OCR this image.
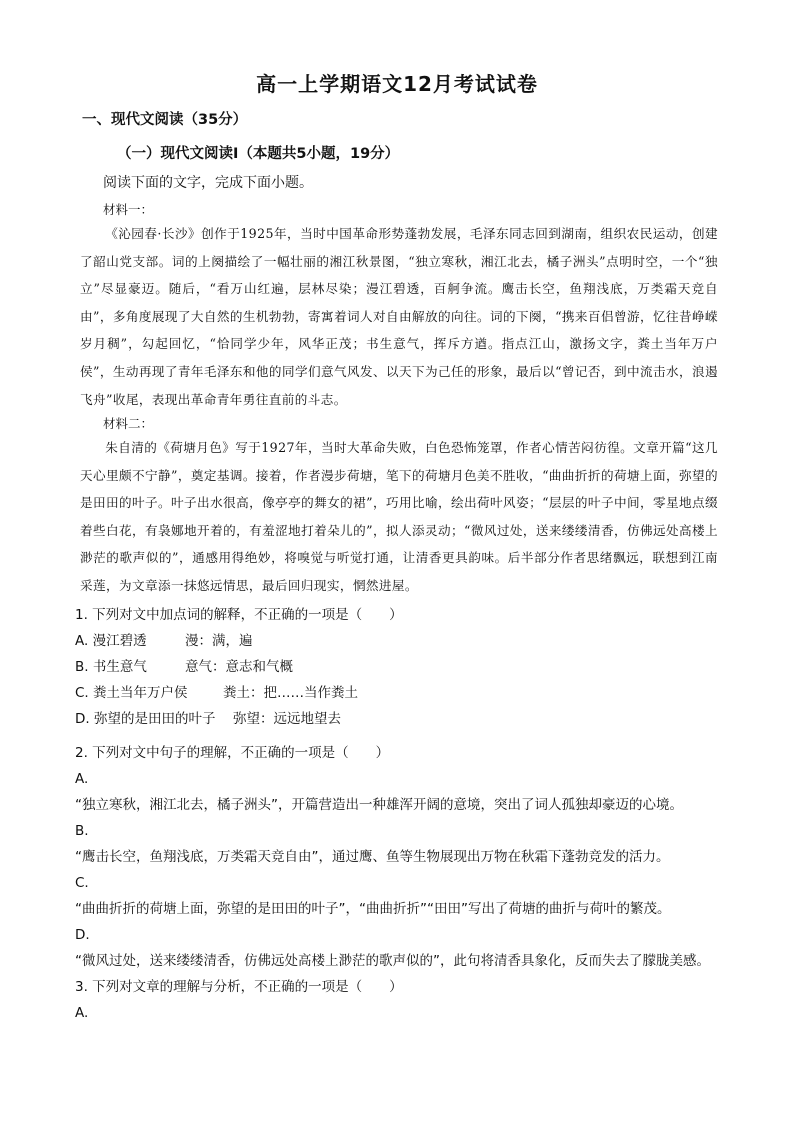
高一上学期语文12月考试试卷
一、现代文阅读（35分）
（一）现代文阅读Ⅰ（本题共5小题，19分）
阅读下面的文字，完成下面小题。
材料一：

《沁园春·长沙》创作于1925年，当时中国革命形势蓬勃发展，毛泽东同志回到湖南，组织农民运动，创建了韶山党支部。词的上阕描绘了一幅壮丽的湘江秋景图，“独立寒秋，湘江北去，橘子洲头”点明时空，一个“独立”尽显豪迈。随后，“看万山红遍，层林尽染；漫江碧透，百舸争流。鹰击长空，鱼翔浅底，万类霜天竞自由”，多角度展现了大自然的生机勃勃，寄寓着词人对自由解放的向往。词的下阕，“携来百侣曾游，忆往昔峥嵘岁月稠”，勾起回忆，“恰同学少年，风华正茂；书生意气，挥斥方遒。指点江山，激扬文字，粪土当年万户侯”，生动再现了青年毛泽东和他的同学们意气风发、以天下为己任的形象，最后以“曾记否，到中流击水，浪遏飞舟”收尾，表现出革命青年勇往直前的斗志。

材料二：

朱自清的《荷塘月色》写于1927年，当时大革命失败，白色恐怖笼罩，作者心情苦闷彷徨。文章开篇“这几天心里颇不宁静”，奠定基调。接着，作者漫步荷塘，笔下的荷塘月色美不胜收，“曲曲折折的荷塘上面，弥望的是田田的叶子。叶子出水很高，像亭亭的舞女的裙”，巧用比喻，绘出荷叶风姿；“层层的叶子中间，零星地点缀着些白花，有袅娜地开着的，有羞涩地打着朵儿的”，拟人添灵动；“微风过处，送来缕缕清香，仿佛远处高楼上渺茫的歌声似的”，通感用得绝妙，将嗅觉与听觉打通，让清香更具韵味。后半部分作者思绪飘远，联想到江南采莲，为文章添一抹悠远情思，最后回归现实，惘然进屋。

1. 下列对文中加点词的解释，不正确的一项是（　　）
A. 漫江碧透	漫：满，遍
B. 书生意气	意气：意志和气概
C. 粪土当年万户侯	粪土：把……当作粪土
D. 弥望的是田田的叶子 弥望：远远地望去
2. 下列对文中句子的理解，不正确的一项是（　　）
A.
“独立寒秋，湘江北去，橘子洲头”，开篇营造出一种雄浑开阔的意境，突出了词人孤独却豪迈的心境。
B.
“鹰击长空，鱼翔浅底，万类霜天竞自由”，通过鹰、鱼等生物展现出万物在秋霜下蓬勃竞发的活力。
C.
“曲曲折折的荷塘上面，弥望的是田田的叶子”，“曲曲折折”“田田”写出了荷塘的曲折与荷叶的繁茂。
D.
“微风过处，送来缕缕清香，仿佛远处高楼上渺茫的歌声似的”，此句将清香具象化，反而失去了朦胧美感。
3. 下列对文章的理解与分析，不正确的一项是（　　）
A.
